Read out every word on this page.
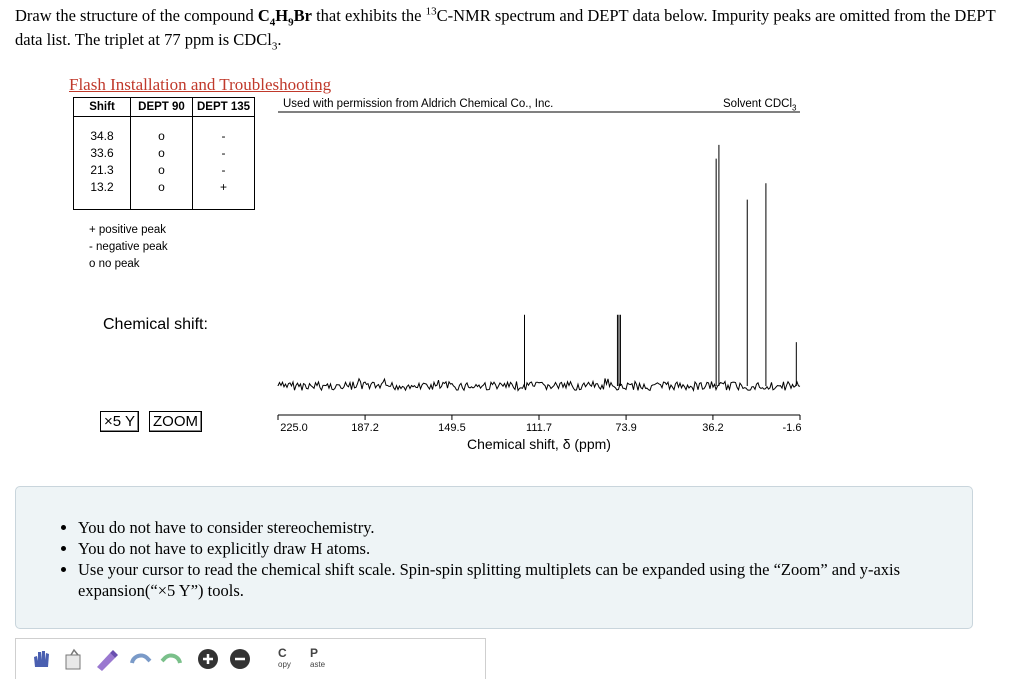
Draw the structure of the compound $C_4H_9Br$ that exhibits the $^{13}$C-NMR spectrum and DEPT data below. Impurity peaks are omitted from the DEPT data list. The triplet at 77 ppm is CDCl$_3$.
Flash Installation and Troubleshooting
Shift	DEPT 90	DEPT 135
34.8	o	-
33.6	o	-
21.3	o	-
13.2	o	+
+ positive peak
- negative peak
o no peak
Chemical shift:
×5 Y ZOOM
Used with permission from Aldrich Chemical Co., Inc.	Solvent CDCl$_3$
225.0	187.2	149.5	111.7	73.9	36.2	-1.6
Chemical shift, δ (ppm)
• You do not have to consider stereochemistry.
• You do not have to explicitly draw H atoms.
• Use your cursor to read the chemical shift scale. Spin-spin splitting multiplets can be expanded using the “Zoom” and y-axis expansion(“×5 Y”) tools.
C
opy
P
aste
